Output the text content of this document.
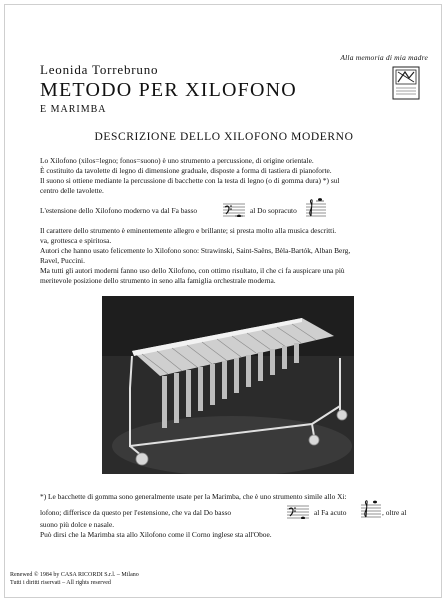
Alla memoria di mia madre
Leonida Torrebruno
METODO PER XILOFONO
E MARIMBA
DESCRIZIONE DELLO XILOFONO MODERNO
Lo Xilofono (xilos=legno; fonos=suono) è uno strumento a percussione, di origine orientale.
È costituito da tavolette di legno di dimensione graduale, disposte a forma di tastiera di pianoforte.
Il suono si ottiene mediante la percussione di bacchette con la testa di legno (o di gomma dura) *) sul
centro delle tavolette.
L'estensione dello Xilofono moderno va dal Fa basso	al Do sopracuto
Il carattere dello strumento è eminentemente allegro e brillante; si presta molto alla musica descritti.
va, grottesca e spiritosa.
Autori che hanno usato felicemente lo Xilofono sono: Strawinski, Saint-Saëns, Bèla-Bartók, Alban Berg,
Ravel, Puccini.
Ma tutti gli autori moderni fanno uso dello Xilofono, con ottimo risultato, il che ci fa auspicare una più
meritevole posizione dello strumento in seno alla famiglia orchestrale moderna.
*) Le bacchette di gomma sono generalmente usate per la Marimba, che è uno strumento simile allo Xi:
lofono; differisce da questo per l'estensione, che va dal Do basso	al Fa acuto	, oltre al
suono più dolce e nasale.
Può dirsi che la Marimba sta allo Xilofono come il Corno inglese sta all'Oboe.
Renewed © 1984 by CASA RICORDI S.r.l. – Milano
Tutti i diritti riservati – All rights reserved
